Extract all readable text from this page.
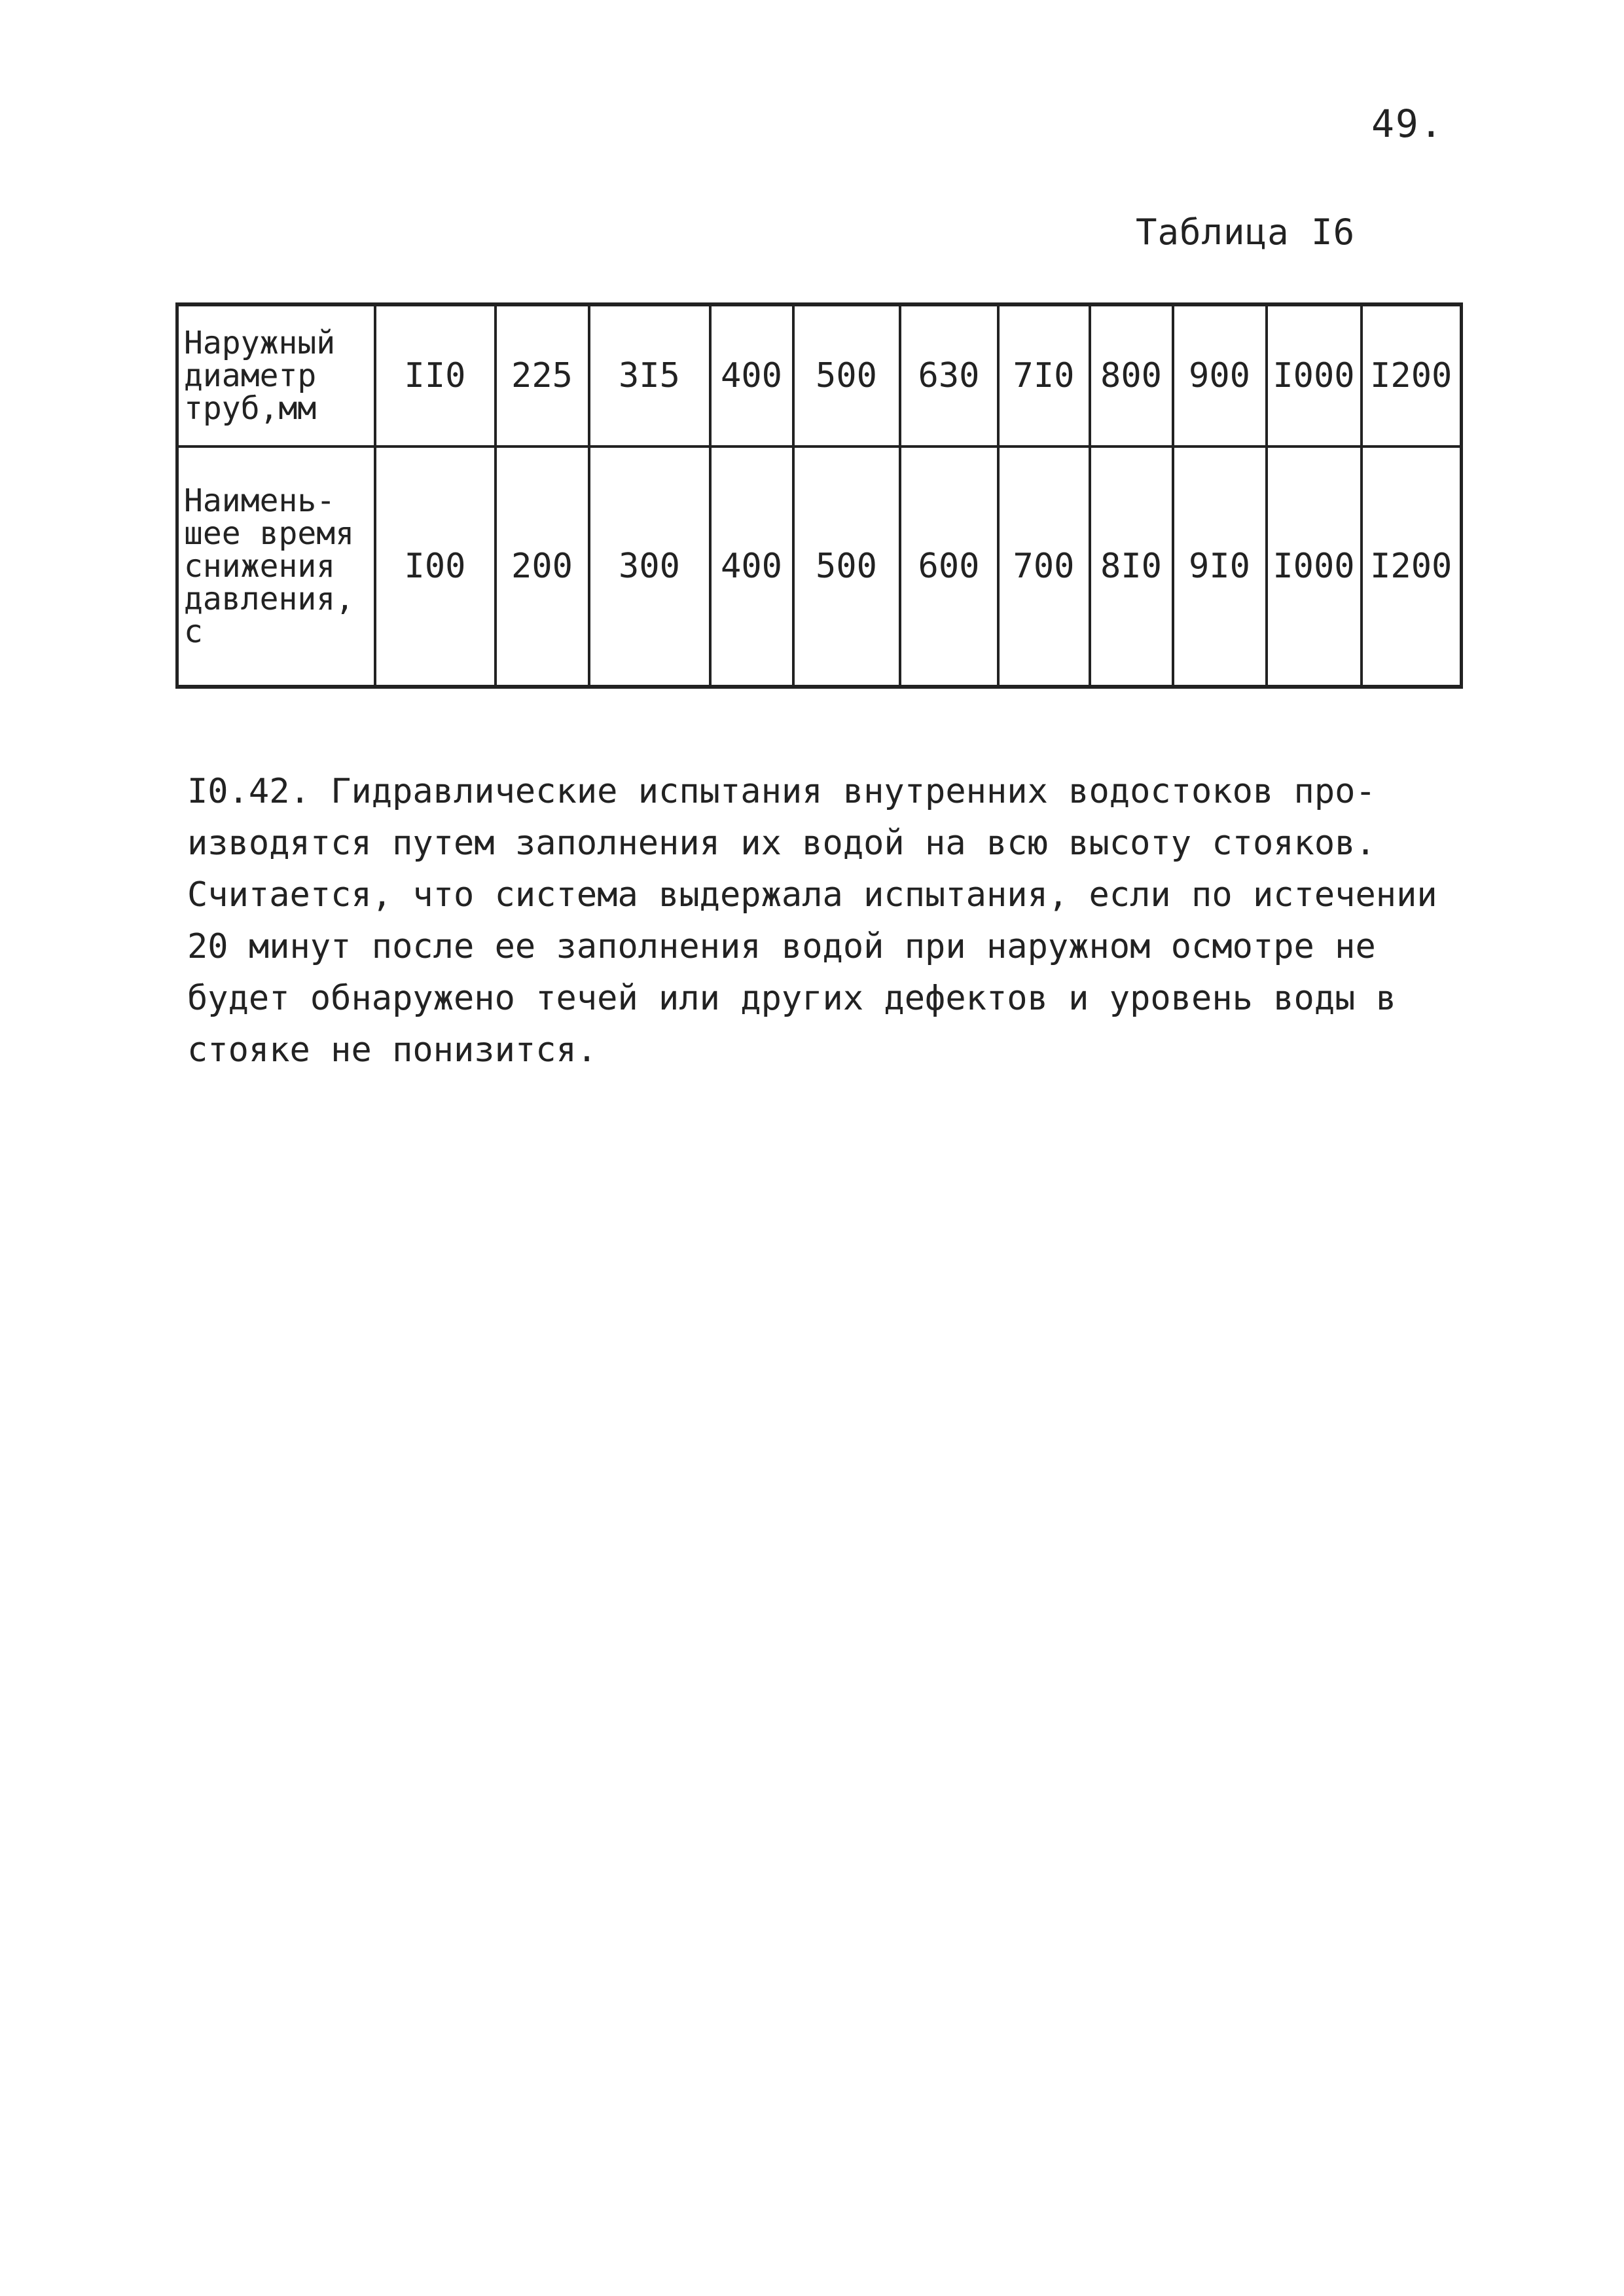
49.
Таблица I6
Наружный
диаметр
труб,мм	II0	225	3I5	400	500	630	7I0	800	900	I000	I200
Наимень-
шее время
снижения
давления,
с	I00	200	300	400	500	600	700	8I0	9I0	I000	I200
I0.42. Гидравлические испытания внутренних водостоков про-
изводятся путем заполнения их водой на всю высоту стояков.
Считается, что система выдержала испытания, если по истечении
20 минут после ее заполнения водой при наружном осмотре не
будет обнаружено течей или других дефектов и уровень воды в
стояке не понизится.
